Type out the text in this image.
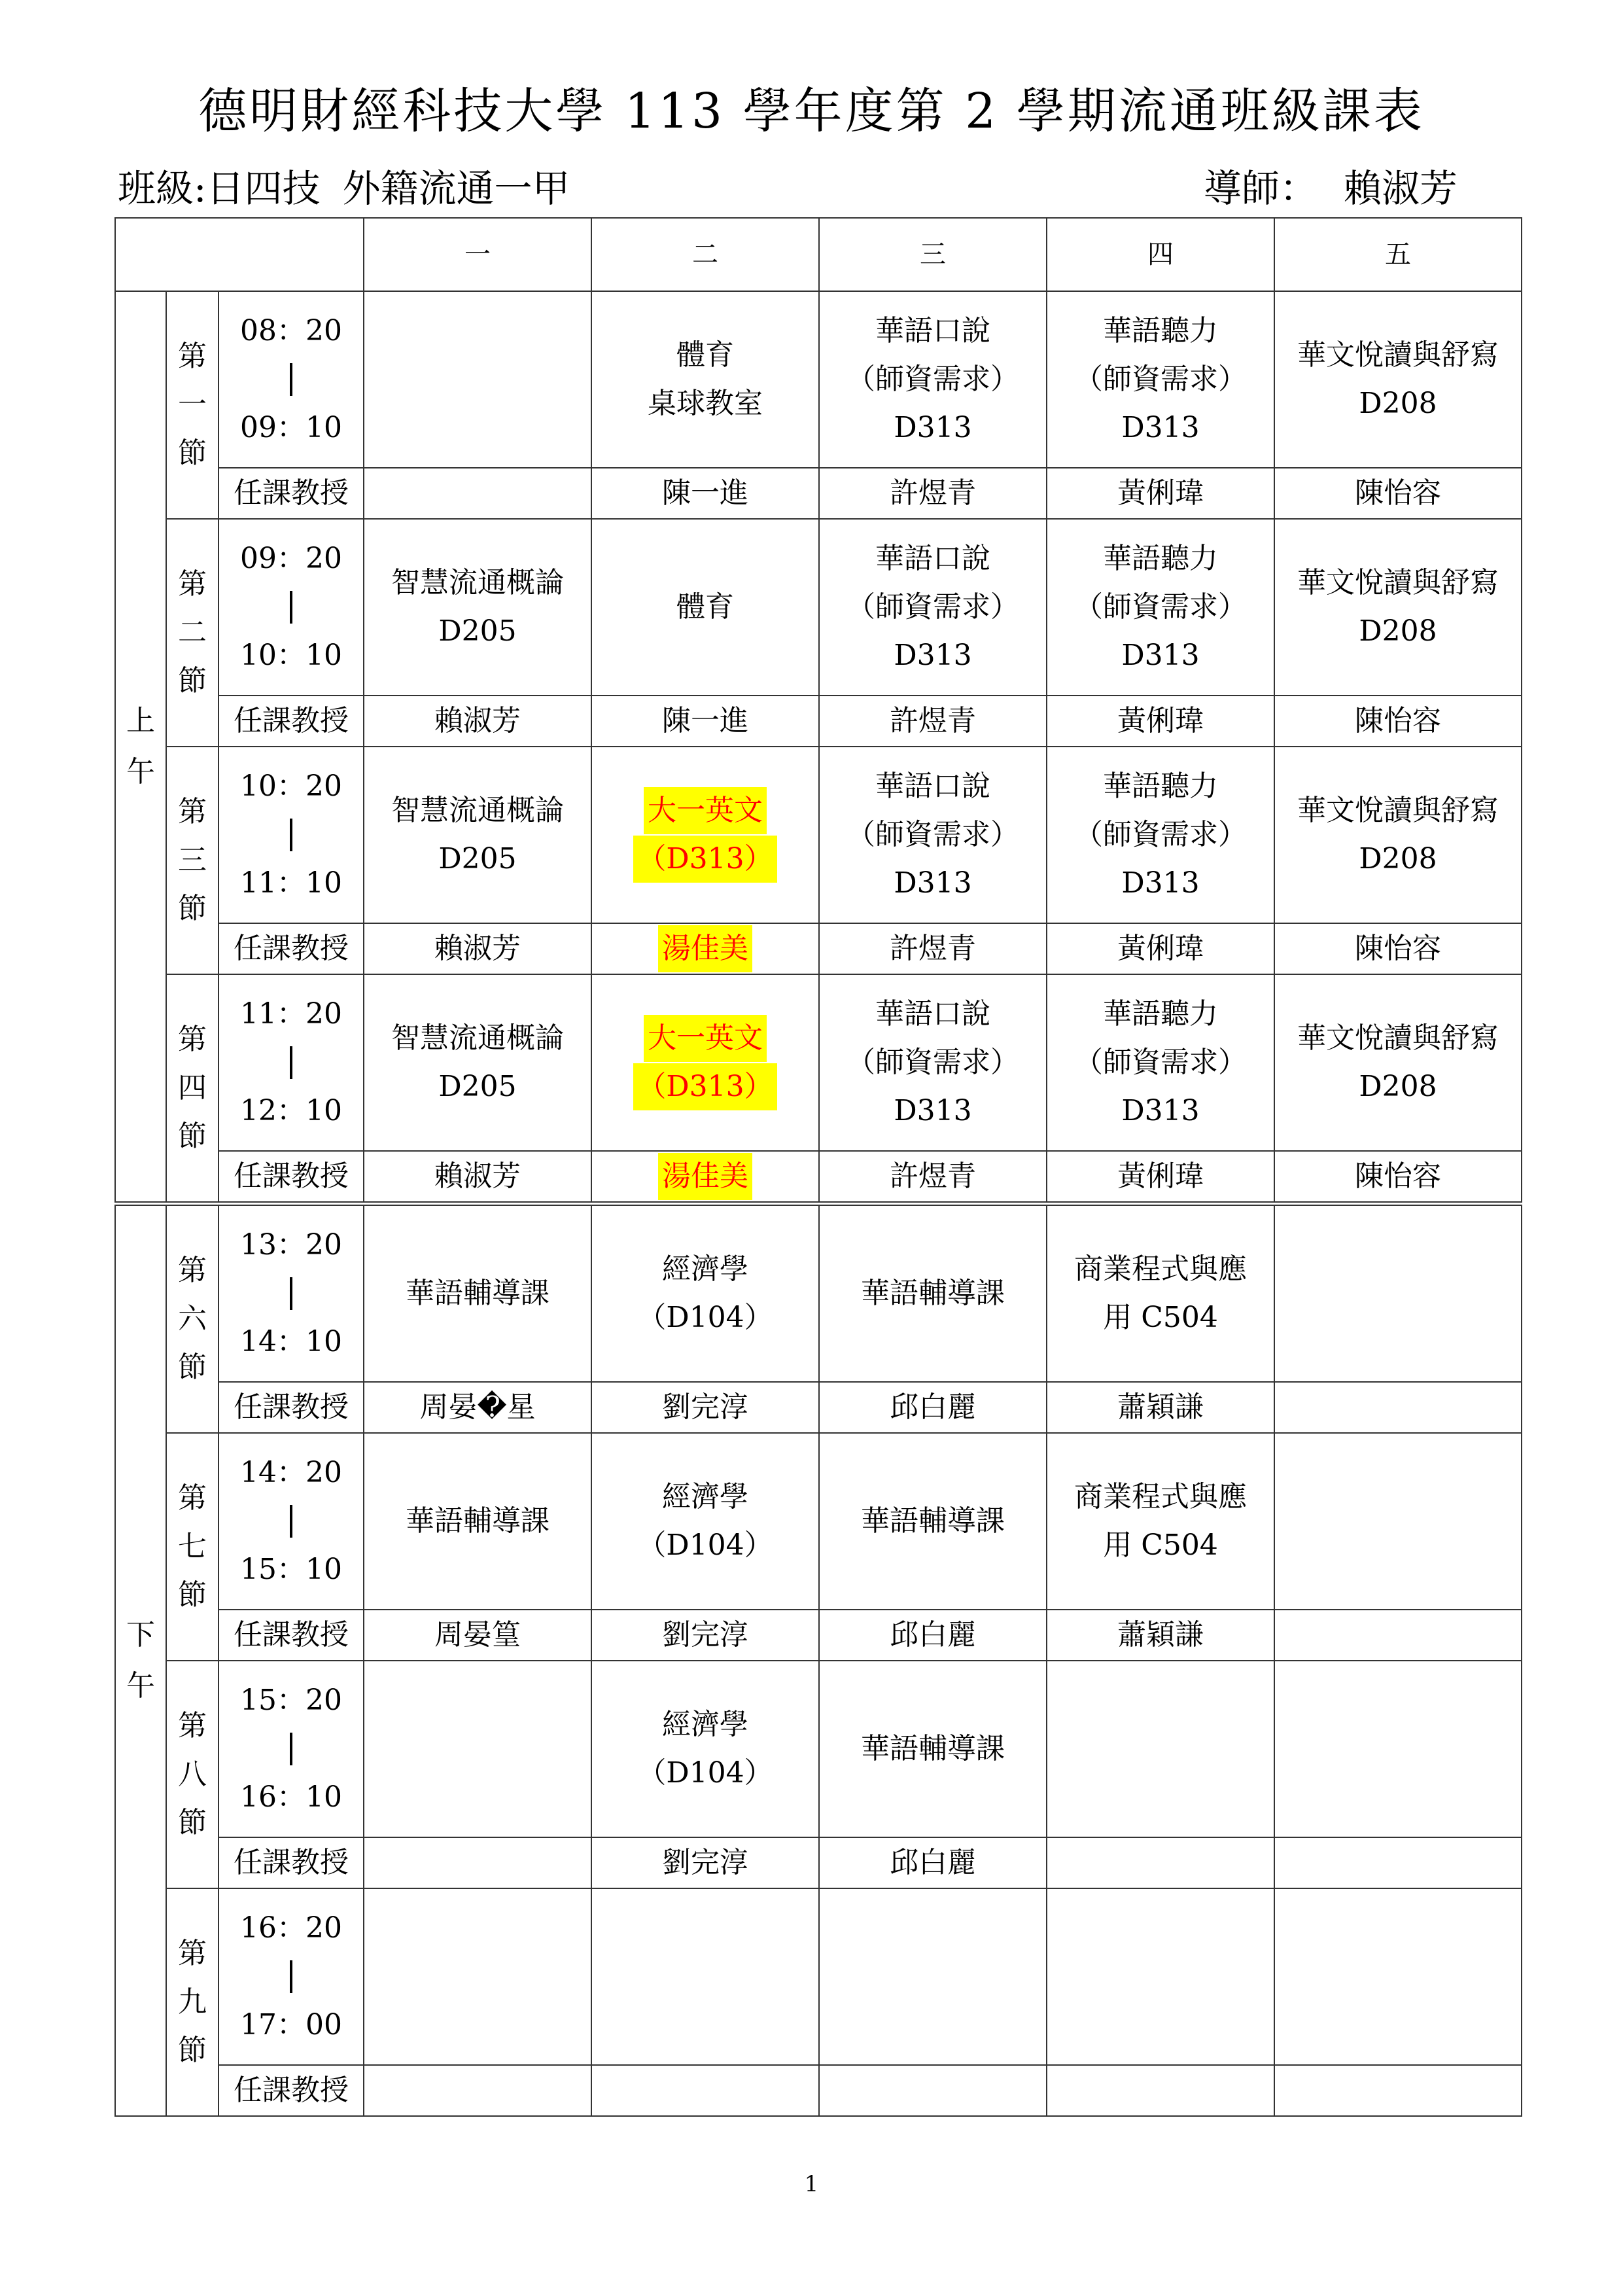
德明財經科技大學 113 學年度第 2 學期流通班級課表
班級:日四技 外籍流通一甲	導師： 賴淑芳
			一	二	三	四	五

上
午	第
一
節	08：20
09：10		體育
桌球教室	華語口說
（師資需求）
D313	華語聽力
（師資需求）
D313	華文悅讀與舒寫
D208

		任課教授		陳一進	許煜青	黃俐瑋	陳怡容

	第
二
節	09：20
10：10	智慧流通概論
D205	體育	華語口說
（師資需求）
D313	華語聽力
（師資需求）
D313	華文悅讀與舒寫
D208

		任課教授	賴淑芳	陳一進	許煜青	黃俐瑋	陳怡容

	第
三
節	10：20
11：10	智慧流通概論
D205	大一英文
（D313）	華語口說
（師資需求）
D313	華語聽力
（師資需求）
D313	華文悅讀與舒寫
D208

		任課教授	賴淑芳	湯佳美	許煜青	黃俐瑋	陳怡容

	第
四
節	11：20
12：10	智慧流通概論
D205	大一英文
（D313）	華語口說
（師資需求）
D313	華語聽力
（師資需求）
D313	華文悅讀與舒寫
D208

		任課教授	賴淑芳	湯佳美	許煜青	黃俐瑋	陳怡容

下
午	第
六
節	13：20
14：10	華語輔導課	經濟學
（D104）	華語輔導課	商業程式與應
用 C504	

		任課教授	周晏�星	劉完淳	邱白麗	蕭穎謙	

	第
七
節	14：20
15：10	華語輔導課	經濟學
（D104）	華語輔導課	商業程式與應
用 C504	

		任課教授	周晏篁	劉完淳	邱白麗	蕭穎謙	

	第
八
節	15：20
16：10		經濟學
（D104）	華語輔導課		

		任課教授		劉完淳	邱白麗		

	第
九
節	16：20
17：00					

		任課教授					
1
